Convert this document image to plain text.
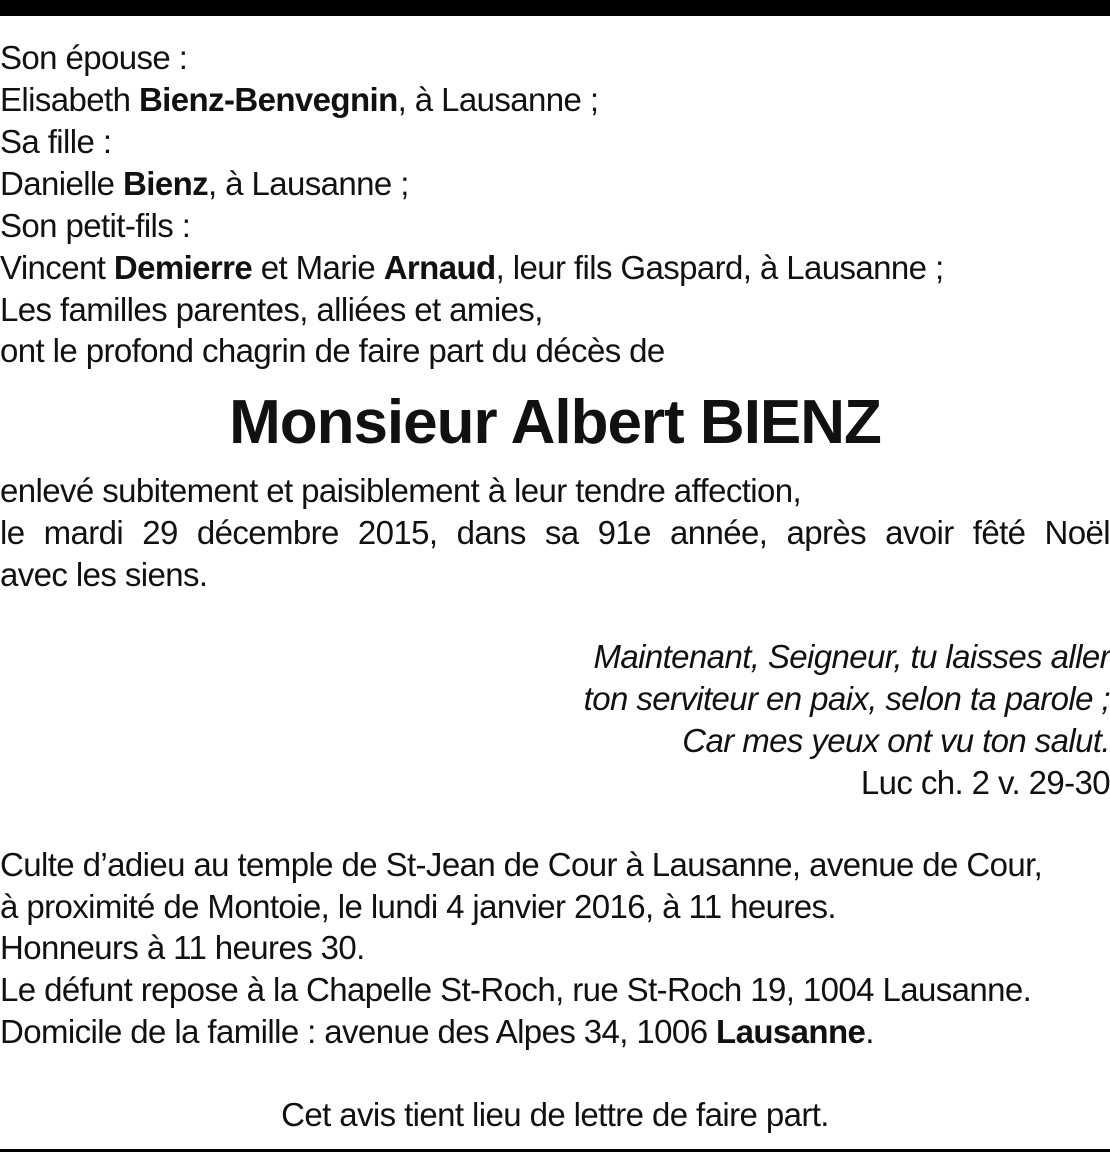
Son épouse :
Elisabeth Bienz-Benvegnin, à Lausanne ;
Sa fille :
Danielle Bienz, à Lausanne ;
Son petit-fils :
Vincent Demierre et Marie Arnaud, leur fils Gaspard, à Lausanne ;
Les familles parentes, alliées et amies,
ont le profond chagrin de faire part du décès de
Monsieur Albert BIENZ
enlevé subitement et paisiblement à leur tendre affection,
le mardi 29 décembre 2015, dans sa 91e année, après avoir fêté Noël
avec les siens.
Maintenant, Seigneur, tu laisses aller
ton serviteur en paix, selon ta parole ;
Car mes yeux ont vu ton salut.
Luc ch. 2 v. 29-30
Culte d’adieu au temple de St-Jean de Cour à Lausanne, avenue de Cour,
à proximité de Montoie, le lundi 4 janvier 2016, à 11 heures.
Honneurs à 11 heures 30.
Le défunt repose à la Chapelle St-Roch, rue St-Roch 19, 1004 Lausanne.
Domicile de la famille : avenue des Alpes 34, 1006 Lausanne.
Cet avis tient lieu de lettre de faire part.
